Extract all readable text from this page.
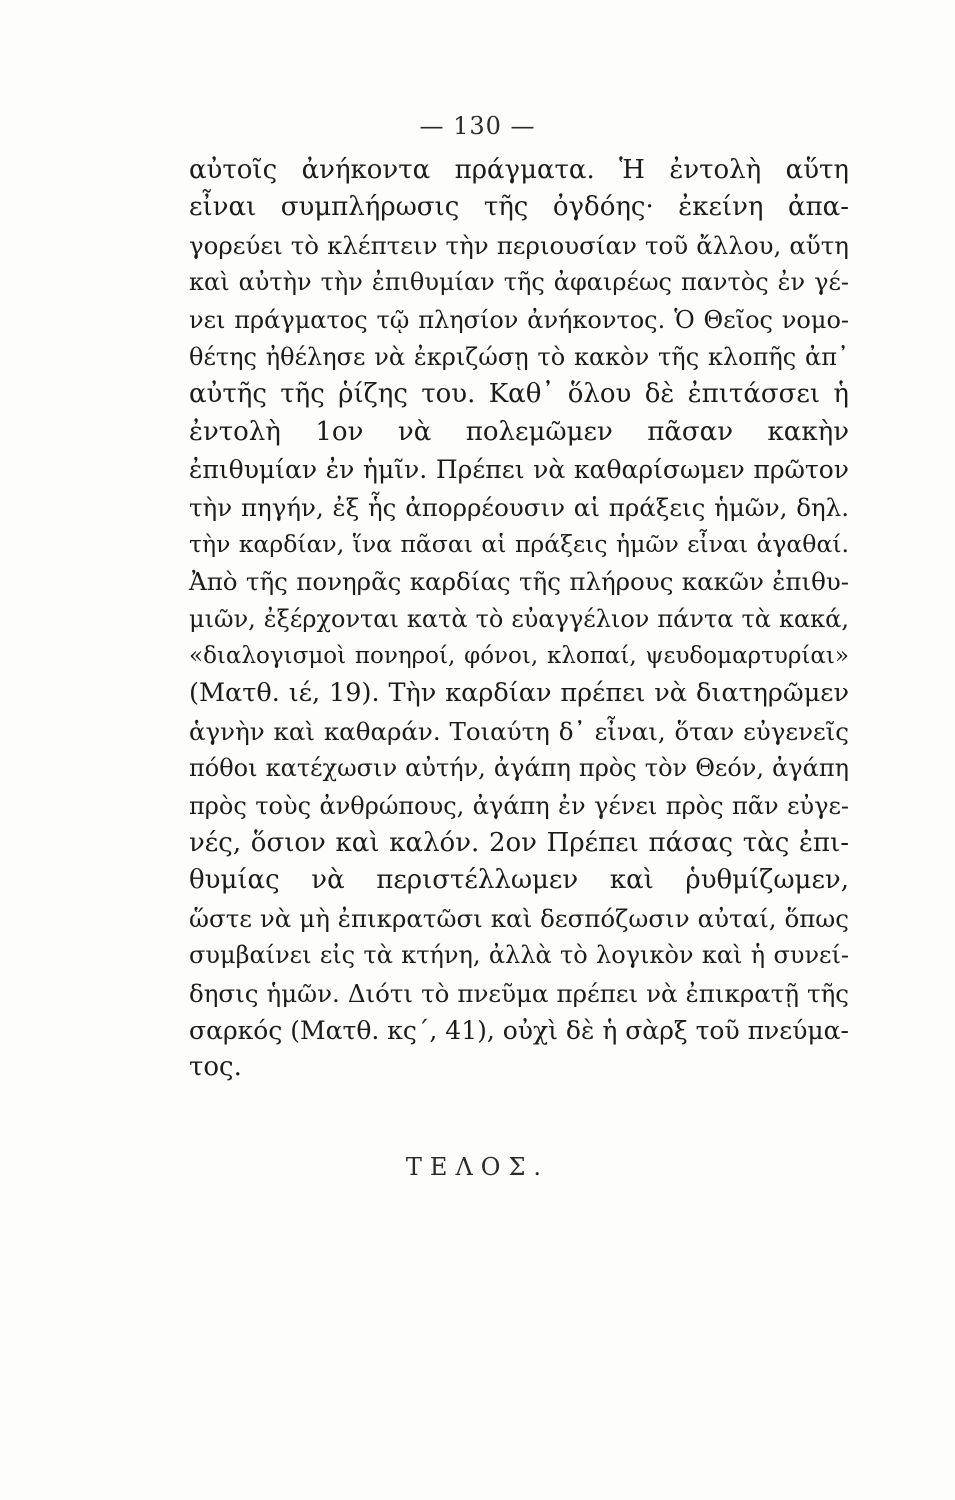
— 130 —
αὐτοῖς ἀνήκοντα πράγματα. Ἡ ἐντολὴ αὕτη
εἶναι συμπλήρωσις τῆς ὀγδόης· ἐκείνη ἀπα-
γορεύει τὸ κλέπτειν τὴν περιουσίαν τοῦ ἄλλου, αὕτη
καὶ αὐτὴν τὴν ἐπιθυμίαν τῆς ἀφαιρέως παντὸς ἐν γέ-
νει πράγματος τῷ πλησίον ἀνήκοντος. Ὁ Θεῖος νομο-
θέτης ἠθέλησε νὰ ἐκριζώσῃ τὸ κακὸν τῆς κλοπῆς ἀπ᾿
αὐτῆς τῆς ῥίζης του. Καθ᾿ ὅλου δὲ ἐπιτάσσει ἡ
ἐντολὴ 1ον νὰ πολεμῶμεν πᾶσαν κακὴν
ἐπιθυμίαν ἐν ἡμῖν. Πρέπει νὰ καθαρίσωμεν πρῶτον
τὴν πηγήν, ἐξ ἧς ἀπορρέουσιν αἱ πράξεις ἡμῶν, δηλ.
τὴν καρδίαν, ἵνα πᾶσαι αἱ πράξεις ἡμῶν εἶναι ἀγαθαί.
Ἀπὸ τῆς πονηρᾶς καρδίας τῆς πλήρους κακῶν ἐπιθυ-
μιῶν, ἐξέρχονται κατὰ τὸ εὐαγγέλιον πάντα τὰ κακά,
«διαλογισμοὶ πονηροί, φόνοι, κλοπαί, ψευδομαρτυρίαι»
(Ματθ. ιέ, 19). Τὴν καρδίαν πρέπει νὰ διατηρῶμεν
ἁγνὴν καὶ καθαράν. Τοιαύτη δ᾿ εἶναι, ὅταν εὐγενεῖς
πόθοι κατέχωσιν αὐτήν, ἀγάπη πρὸς τὸν Θεόν, ἀγάπη
πρὸς τοὺς ἀνθρώπους, ἀγάπη ἐν γένει πρὸς πᾶν εὐγε-
νές, ὅσιον καὶ καλόν. 2ον Πρέπει πάσας τὰς ἐπι-
θυμίας νὰ περιστέλλωμεν καὶ ῥυθμίζωμεν,
ὥστε νὰ μὴ ἐπικρατῶσι καὶ δεσπόζωσιν αὐταί, ὅπως
συμβαίνει εἰς τὰ κτήνη, ἀλλὰ τὸ λογικὸν καὶ ἡ συνεί-
δησις ἡμῶν. Διότι τὸ πνεῦμα πρέπει νὰ ἐπικρατῇ τῆς
σαρκός (Ματθ. κς΄, 41), οὐχὶ δὲ ἡ σὰρξ τοῦ πνεύμα-
τος.
ΤΕΛΟΣ.
